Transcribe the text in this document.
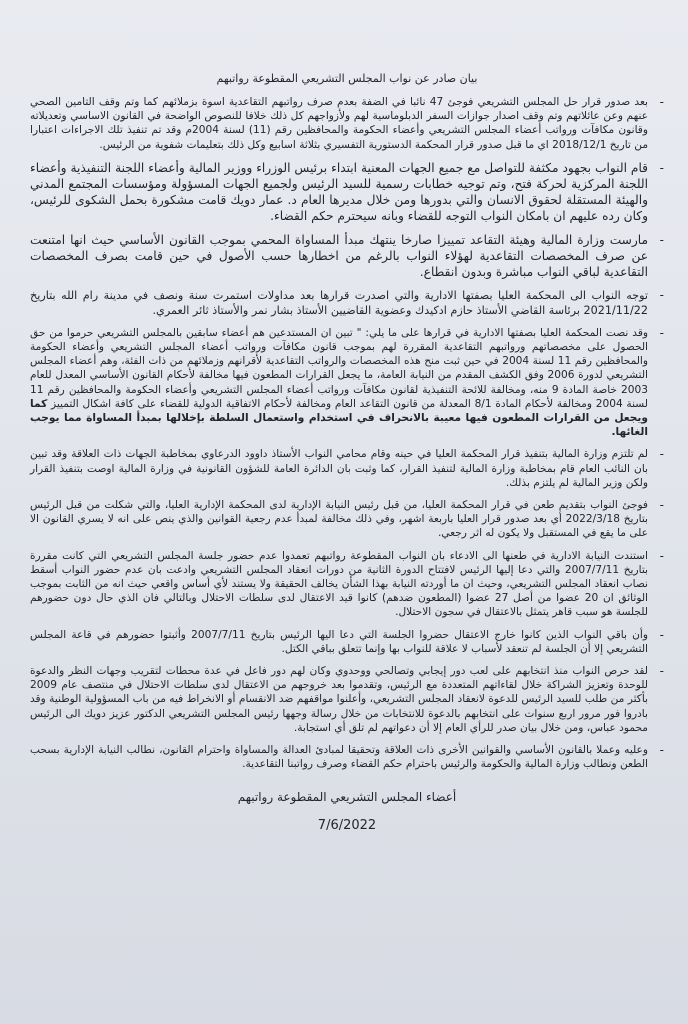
بيان صادر عن نواب المجلس التشريعي المقطوعة رواتبهم
-
بعد صدور قرار حل المجلس التشريعي فوجئ 47 نائبا في الضفة بعدم صرف رواتبهم التقاعدية اسوة بزملائهم كما وتم وقف التامين الصحي عنهم وعن عائلاتهم وتم وقف اصدار جوازات السفر الدبلوماسية لهم ولأزواجهم كل ذلك خلافا للنصوص الواضحة في القانون الاساسي وتعديلاته وقانون مكافآت ورواتب أعضاء المجلس التشريعي وأعضاء الحكومة والمحافظين رقم (11) لسنة 2004م وقد تم تنفيذ تلك الاجراءات اعتبارا من تاريخ 2018/12/1 اي ما قبل صدور قرار المحكمة الدستورية التفسيري بثلاثة اسابيع وكل ذلك بتعليمات شفوية من الرئيس.
-
قام النواب بجهود مكثفة للتواصل مع جميع الجهات المعنية ابتداء برئيس الوزراء ووزير المالية وأعضاء اللجنة التنفيذية وأعضاء اللجنة المركزية لحركة فتح، وتم توجيه خطابات رسمية للسيد الرئيس ولجميع الجهات المسؤولة ومؤسسات المجتمع المدني والهيئة المستقلة لحقوق الانسان والتي بدورها ومن خلال مديرها العام د. عمار دويك قامت مشكورة بحمل الشكوى للرئيس، وكان رده عليهم ان بامكان النواب التوجه للقضاء وبانه سيحترم حكم القضاء.
-
مارست وزارة المالية وهيئة التقاعد تمييزا صارخا ينتهك مبدأ المساواة المحمي بموجب القانون الأساسي حيث انها امتنعت عن صرف المخصصات التقاعدية لهؤلاء النواب بالرغم من اخطارها حسب الأصول في حين قامت بصرف المخصصات التقاعدية لباقي النواب مباشرة وبدون انقطاع.
-
توجه النواب الى المحكمة العليا بصفتها الادارية والتي اصدرت قرارها بعد مداولات استمرت سنة ونصف في مدينة رام الله بتاريخ 2021/11/22 برئاسة القاضي الأستاذ حازم ادكيدك وعضوية القاضيين الأستاذ بشار نمر والأستاذ ثائر العمري.
-
وقد نصت المحكمة العليا بصفتها الادارية في قرارها على ما يلي: " تبين ان المستدعين هم أعضاء سابقين بالمجلس التشريعي حرموا من حق الحصول على مخصصاتهم ورواتبهم التقاعدية المقررة لهم بموجب قانون مكافآت ورواتب أعضاء المجلس التشريعي وأعضاء الحكومة والمحافظين رقم 11 لسنة 2004 في حين ثبت منح هذه المخصصات والرواتب التقاعدية لأقرانهم وزملائهم من ذات الفئة، وهم أعضاء المجلس التشريعي لدورة 2006 وفق الكشف المقدم من النيابة العامة، ما يجعل القرارات المطعون فيها مخالفة لأحكام القانون الأساسي المعدل للعام 2003 خاصة المادة 9 منه، ومخالفة للائحة التنفيذية لقانون مكافآت ورواتب أعضاء المجلس التشريعي وأعضاء الحكومة والمحافظين رقم 11 لسنة 2004 ومخالفة لأحكام المادة 8/1 المعدلة من قانون التقاعد العام ومخالفة لأحكام الاتفاقية الدولية للقضاء على كافة اشكال التمييز كما ويجعل من القرارات المطعون فيها معيبة بالانحراف في استخدام واستعمال السلطة بإخلالها بمبدأ المساواة مما يوجب الغائها.
-
لم تلتزم وزارة المالية بتنفيذ قرار المحكمة العليا في حينه وقام محامي النواب الأستاذ داوود الدرعاوي بمخاطبة الجهات ذات العلاقة وقد تبين بان النائب العام قام بمخاطبة وزارة المالية لتنفيذ القرار، كما وثبت بان الدائرة العامة للشؤون القانونية في وزارة المالية اوصت بتنفيذ القرار ولكن وزير المالية لم يلتزم بذلك.
-
فوجئ النواب بتقديم طعن في قرار المحكمة العليا، من قبل رئيس النيابة الإدارية لدى المحكمة الإدارية العليا، والتي شكلت من قبل الرئيس بتاريخ 2022/3/18 أي بعد صدور قرار العليا باربعة اشهر، وفي ذلك مخالفة لمبدأ عدم رجعية القوانين والذي ينص على انه لا يسري القانون الا على ما يقع في المستقبل ولا يكون له اثر رجعي.
-
استندت النيابة الادارية في طعنها الى الادعاء بان النواب المقطوعة رواتبهم تعمدوا عدم حضور جلسة المجلس التشريعي التي كانت مقررة بتاريخ 2007/7/11 والتي دعا إليها الرئيس لافتتاح الدورة الثانية من دورات انعقاد المجلس التشريعي وادعت بان عدم حضور النواب أسقط نصاب انعقاد المجلس التشريعي، وحيث ان ما أوردته النيابة بهذا الشأن يخالف الحقيقة ولا يستند لأي أساس واقعي حيث انه من الثابت بموجب الوثائق ان 20 عضوا من أصل 27 عضوا (المطعون ضدهم) كانوا قيد الاعتقال لدى سلطات الاحتلال وبالتالي فان الذي حال دون حضورهم للجلسة هو سبب قاهر يتمثل بالاعتقال في سجون الاحتلال.
-
وأن باقي النواب الذين كانوا خارج الاعتقال حضروا الجلسة التي دعا اليها الرئيس بتاريخ 2007/7/11 وأثبتوا حضورهم في قاعة المجلس التشريعي إلا أن الجلسة لم تنعقد لأسباب لا علاقة للنواب بها وإنما تتعلق بباقي الكتل.
-
لقد حرص النواب منذ انتخابهم على لعب دور إيجابي وتصالحي ووحدوي وكان لهم دور فاعل في عدة محطات لتقريب وجهات النظر والدعوة للوحدة وتعزيز الشراكة خلال لقاءاتهم المتعددة مع الرئيس، وتقدموا بعد خروجهم من الاعتقال لدى سلطات الاحتلال في منتصف عام 2009 بأكثر من طلب للسيد الرئيس للدعوة لانعقاد المجلس التشريعي، وأعلنوا مواقفهم ضد الانقسام أو الانخراط فيه من باب المسؤولية الوطنية وقد بادروا فور مرور اربع سنوات على انتخابهم بالدعوة للانتخابات من خلال رسالة وجهها رئيس المجلس التشريعي الدكتور عزيز دويك الى الرئيس محمود عباس، ومن خلال بيان صدر للرأي العام إلا أن دعواتهم لم تلق أي استجابة.
-
وعليه وعملا بالقانون الأساسي والقوانين الأخرى ذات العلاقة وتحقيقا لمبادئ العدالة والمساواة واحترام القانون، نطالب النيابة الإدارية بسحب الطعن ونطالب وزارة المالية والحكومة والرئيس باحترام حكم القضاء وصرف رواتبنا التقاعدية.
أعضاء المجلس التشريعي المقطوعة رواتبهم
7/6/2022
